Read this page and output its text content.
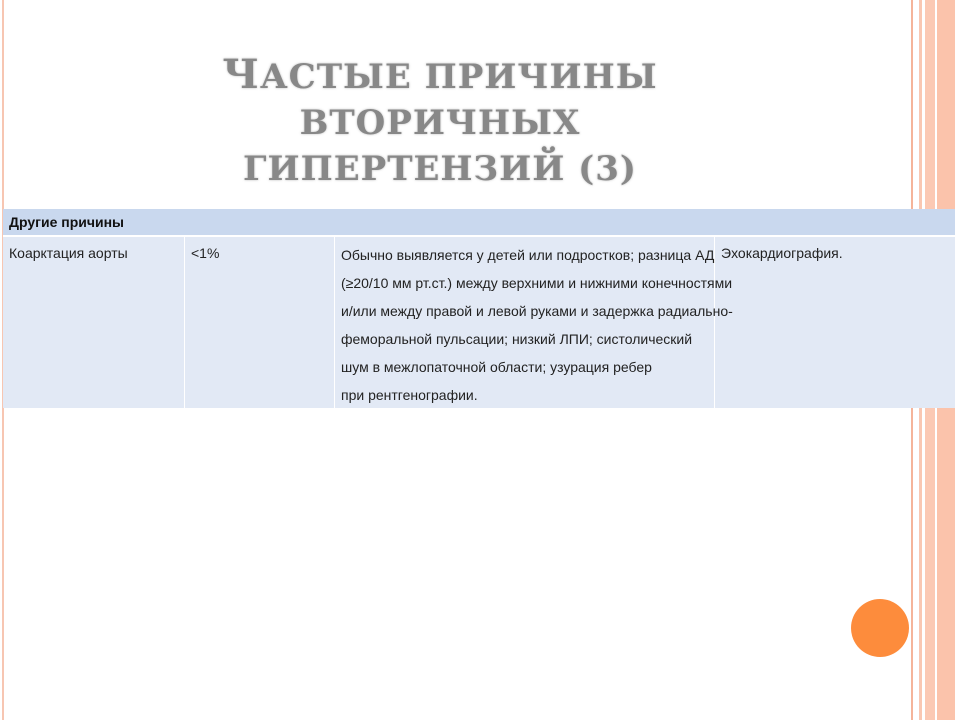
ЧАСТЫЕ ПРИЧИНЫ ВТОРИЧНЫХ
ГИПЕРТЕНЗИЙ (3)
Другие причины
Коарктация аорты	<1%	Обычно выявляется у детей или подростков; разница АД
(≥20/10 мм рт.ст.) между верхними и нижними конечностями
и/или между правой и левой руками и задержка радиально-
феморальной пульсации; низкий ЛПИ; систолический
шум в межлопаточной области; узурация ребер
при рентгенографии.
Эхокардиография.
